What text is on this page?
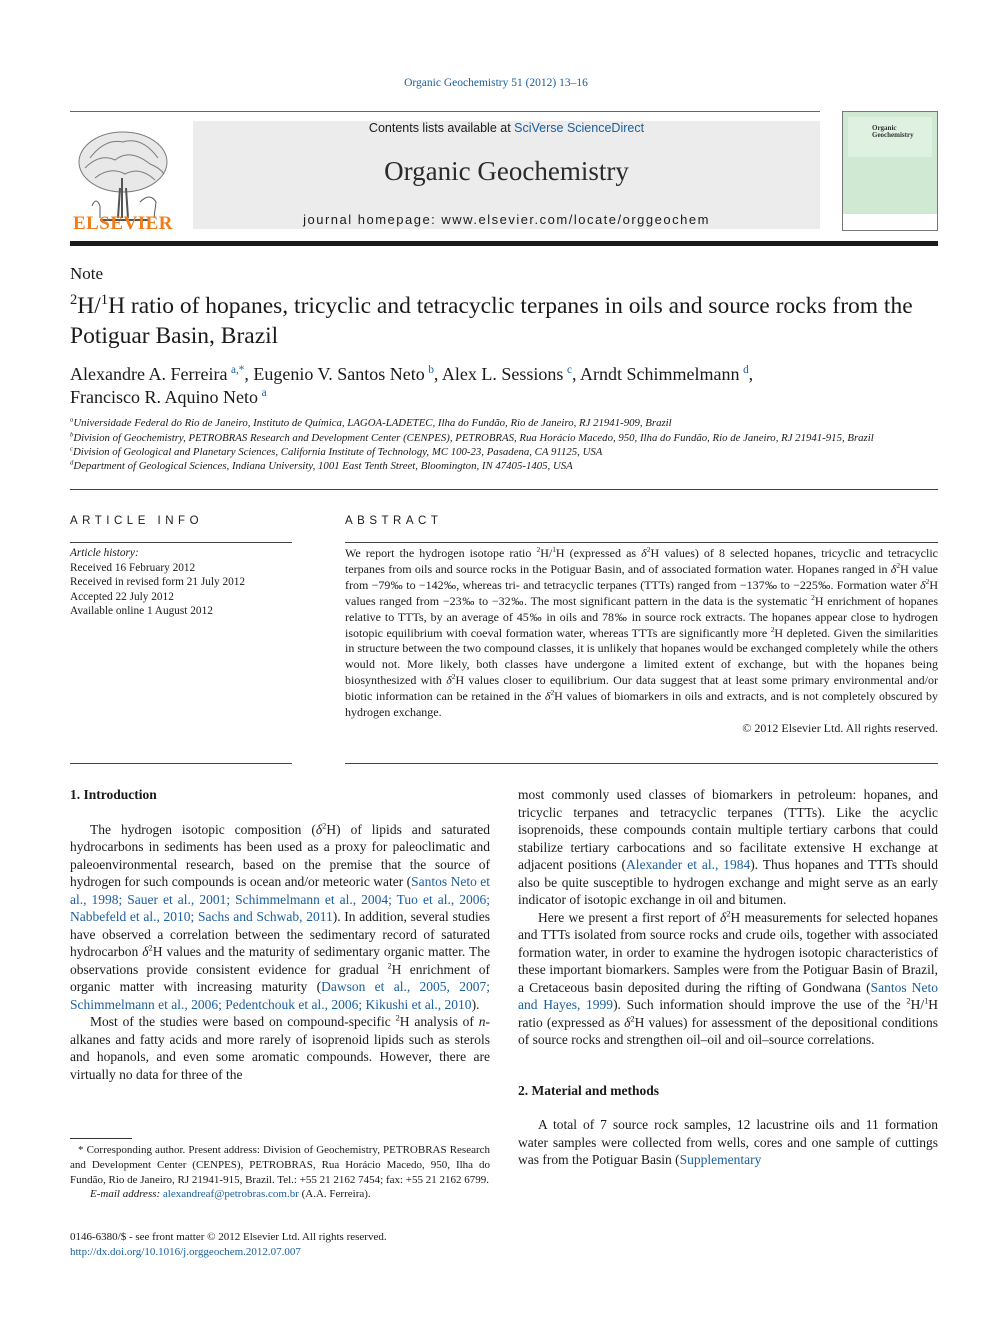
Organic Geochemistry 51 (2012) 13–16
ELSEVIER
Contents lists available at SciVerse ScienceDirect
Organic Geochemistry
journal homepage: www.elsevier.com/locate/orggeochem
Organic
Geochemistry
Note
$^2$H/$^1$H ratio of hopanes, tricyclic and tetracyclic terpanes in oils and source rocks from the Potiguar Basin, Brazil
Alexandre A. Ferreira  $^{a,*}$, Eugenio V. Santos Neto  $^b$, Alex L. Sessions  $^c$, Arndt Schimmelmann  $^d$,
Francisco R. Aquino Neto  $^a$
$^a$Universidade Federal do Rio de Janeiro, Instituto de Química, LAGOA-LADETEC, Ilha do Fundão, Rio de Janeiro, RJ 21941-909, Brazil
$^b$Division of Geochemistry, PETROBRAS Research and Development Center (CENPES), PETROBRAS, Rua Horácio Macedo, 950, Ilha do Fundão, Rio de Janeiro, RJ 21941-915, Brazil
$^c$Division of Geological and Planetary Sciences, California Institute of Technology, MC 100-23, Pasadena, CA 91125, USA
$^d$Department of Geological Sciences, Indiana University, 1001 East Tenth Street, Bloomington, IN 47405-1405, USA
ARTICLE INFO
Article history:
Received 16 February 2012
Received in revised form 21 July 2012
Accepted 22 July 2012
Available online 1 August 2012
ABSTRACT

We report the hydrogen isotope ratio $^2$H/$^1$H (expressed as $\delta^2H$ values) of 8 selected hopanes, tricyclic and tetracyclic terpanes from oils and source rocks in the Potiguar Basin, and of associated formation water. Hopanes ranged in $\delta^2H$ value from −79‰ to −142‰, whereas tri- and tetracyclic terpanes (TTTs) ranged from −137‰ to −225‰. Formation water $\delta^2H$ values ranged from −23‰ to −32‰. The most significant pattern in the data is the systematic $^2$H enrichment of hopanes relative to TTTs, by an average of 45‰ in oils and 78‰ in source rock extracts. The hopanes appear close to hydrogen isotopic equilibrium with coeval formation water, whereas TTTs are significantly more $^2$H depleted. Given the similarities in structure between the two compound classes, it is unlikely that hopanes would be exchanged completely while the others would not. More likely, both classes have undergone a limited extent of exchange, but with the hopanes being biosynthesized with $\delta^2H$ values closer to equilibrium. Our data suggest that at least some primary environmental and/or biotic information can be retained in the $\delta^2H$ values of biomarkers in oils and extracts, and is not completely obscured by hydrogen exchange.

© 2012 Elsevier Ltd. All rights reserved.

1. Introduction

The hydrogen isotopic composition $(\delta^2H)$ of lipids and saturated hydrocarbons in sediments has been used as a proxy for paleoclimatic and paleoenvironmental research, based on the premise that the source of hydrogen for such compounds is ocean and/or meteoric water (Santos Neto et al., 1998; Sauer et al., 2001; Schimmelmann et al., 2004; Tuo et al., 2006; Nabbefeld et al., 2010; Sachs and Schwab, 2011). In addition, several studies have observed a correlation between the sedimentary record of saturated hydrocarbon $\delta^2H$ values and the maturity of sedimentary organic matter. The observations provide consistent evidence for gradual $^2$H enrichment of organic matter with increasing maturity (Dawson et al., 2005, 2007; Schimmelmann et al., 2006; Pedentchouk et al., 2006; Kikushi et al., 2010).

Most of the studies were based on compound-specific $^2$H analysis of n-alkanes and fatty acids and more rarely of isoprenoid lipids such as sterols and hopanols, and even some aromatic compounds. However, there are virtually no data for three of the

* Corresponding author. Present address: Division of Geochemistry, PETROBRAS Research and Development Center (CENPES), PETROBRAS, Rua Horácio Macedo, 950, Ilha do Fundão, Rio de Janeiro, RJ 21941-915, Brazil. Tel.: +55 21 2162 7454; fax: +55 21 2162 6799.

E-mail address: alexandreaf@petrobras.com.br (A.A. Ferreira).

0146-6380/$ - see front matter © 2012 Elsevier Ltd. All rights reserved.
http://dx.doi.org/10.1016/j.orggeochem.2012.07.007

most commonly used classes of biomarkers in petroleum: hopanes, and tricyclic terpanes and tetracyclic terpanes (TTTs). Like the acyclic isoprenoids, these compounds contain multiple tertiary carbons that could stabilize tertiary carbocations and so facilitate extensive H exchange at adjacent positions (Alexander et al., 1984). Thus hopanes and TTTs should also be quite susceptible to hydrogen exchange and might serve as an early indicator of isotopic exchange in oil and bitumen.

Here we present a first report of $\delta^2H$ measurements for selected hopanes and TTTs isolated from source rocks and crude oils, together with associated formation water, in order to examine the hydrogen isotopic characteristics of these important biomarkers. Samples were from the Potiguar Basin of Brazil, a Cretaceous basin deposited during the rifting of Gondwana (Santos Neto and Hayes, 1999). Such information should improve the use of the $^2$H/$^1$H ratio (expressed as $\delta^2H$ values) for assessment of the depositional conditions of source rocks and strengthen oil–oil and oil–source correlations.

2. Material and methods

A total of 7 source rock samples, 12 lacustrine oils and 11 formation water samples were collected from wells, cores and one sample of cuttings was from the Potiguar Basin (Supplementary
